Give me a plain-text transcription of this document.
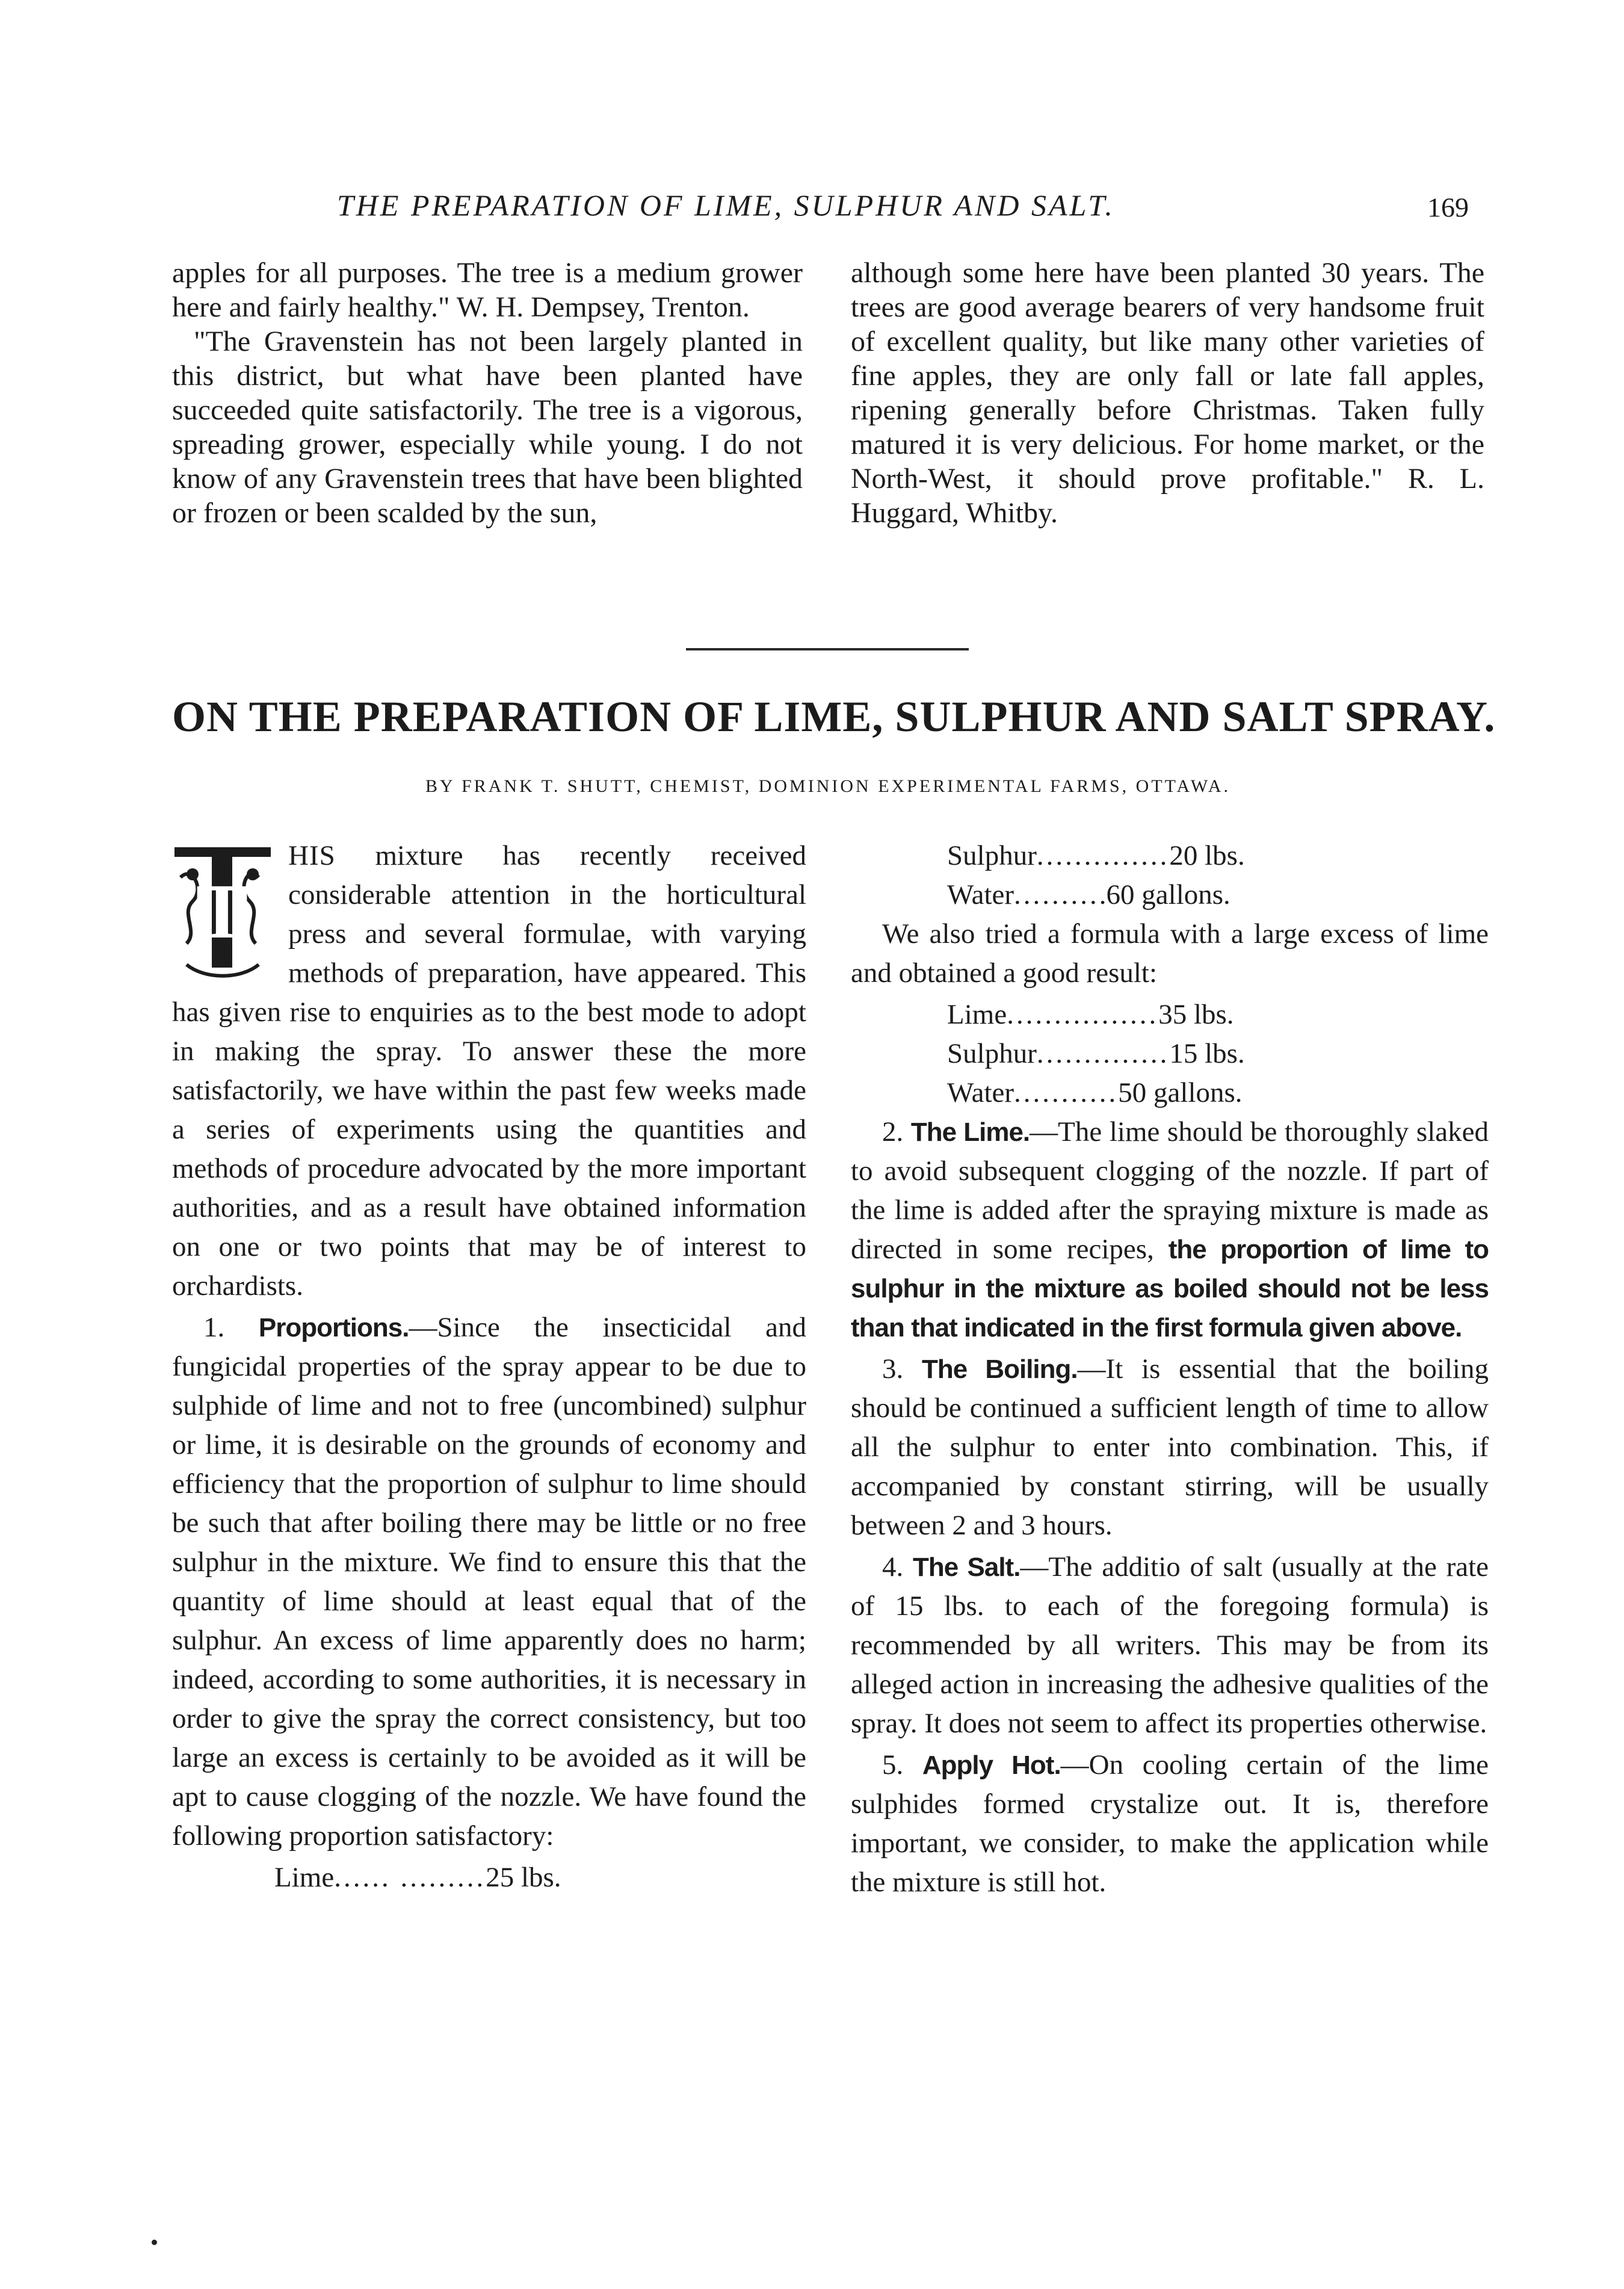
THE PREPARATION OF LIME, SULPHUR AND SALT.	169

apples for all purposes. The tree is a medium grower here and fairly healthy." W. H. Dempsey, Trenton.

"The Gravenstein has not been largely planted in this district, but what have been planted have succeeded quite satisfactorily. The tree is a vigorous, spreading grower, especially while young. I do not know of any Gravenstein trees that have been blighted or frozen or been scalded by the sun,

although some here have been planted 30 years. The trees are good average bearers of very handsome fruit of excellent quality, but like many other varieties of fine apples, they are only fall or late fall apples, ripening generally before Christmas. Taken fully matured it is very delicious. For home market, or the North-West, it should prove profitable." R. L. Huggard, Whitby.

ON THE PREPARATION OF LIME, SULPHUR AND SALT SPRAY.
BY FRANK T. SHUTT, CHEMIST, DOMINION EXPERIMENTAL FARMS, OTTAWA.

T
HIS mixture has recently received considerable attention in the horticultural press and several formulae, with varying methods of preparation, have appeared. This has given rise to enquiries as to the best mode to adopt in making the spray. To answer these the more satisfactorily, we have within the past few weeks made a series of experiments using the quantities and methods of procedure advocated by the more important authorities, and as a result have obtained information on one or two points that may be of interest to orchardists.

1. Proportions.—Since the insecticidal and fungicidal properties of the spray appear to be due to sulphide of lime and not to free (uncombined) sulphur or lime, it is desirable on the grounds of economy and efficiency that the proportion of sulphur to lime should be such that after boiling there may be little or no free sulphur in the mixture. We find to ensure this that the quantity of lime should at least equal that of the sulphur. An excess of lime apparently does no harm; indeed, according to some authorities, it is necessary in order to give the spray the correct consistency, but too large an excess is certainly to be avoided as it will be apt to cause clogging of the nozzle. We have found the following proportion satisfactory:

Lime ...... ......... 25 lbs.
Sulphur .............. 20 lbs.
Water ......... .60 gallons.

We also tried a formula with a large excess of lime and obtained a good result:

Lime ................ 35 lbs.
Sulphur .............. 15 lbs.
Water ........... 50 gallons.

2. The Lime.—The lime should be thoroughly slaked to avoid subsequent clogging of the nozzle. If part of the lime is added after the spraying mixture is made as directed in some recipes, the proportion of lime to sulphur in the mixture as boiled should not be less than that indicated in the first formula given above.

3. The Boiling.—It is essential that the boiling should be continued a sufficient length of time to allow all the sulphur to enter into combination. This, if accompanied by constant stirring, will be usually between 2 and 3 hours.

4. The Salt.—The additio of salt (usually at the rate of 15 lbs. to each of the foregoing formula) is recommended by all writers. This may be from its alleged action in increasing the adhesive qualities of the spray. It does not seem to affect its properties otherwise.

5. Apply Hot.—On cooling certain of the lime sulphides formed crystalize out. It is, therefore important, we consider, to make the application while the mixture is still hot.
